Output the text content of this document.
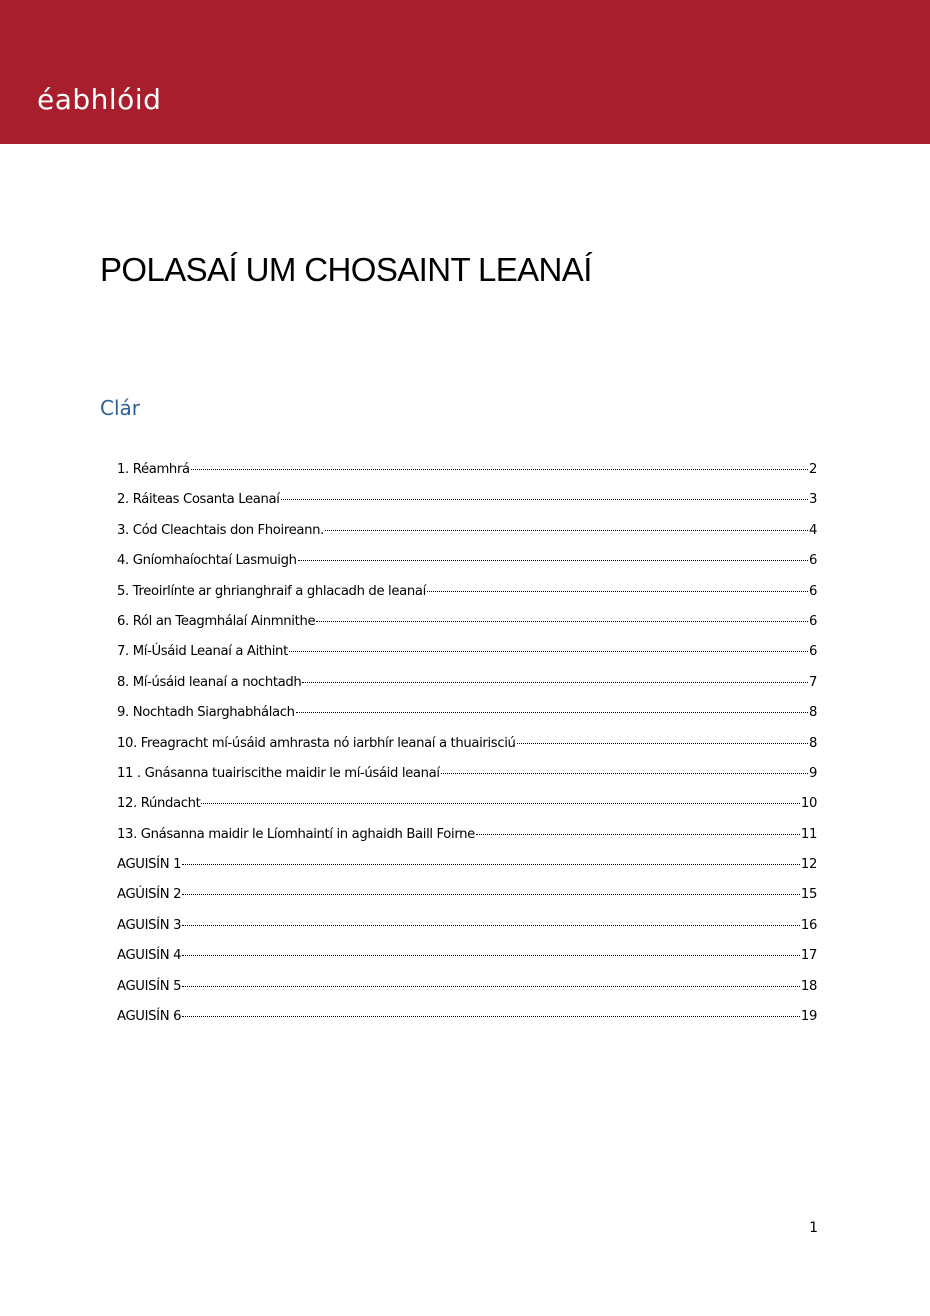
éabhlóid
POLASAÍ UM CHOSAINT LEANAÍ
Clár
1. Réamhrá	2
2. Ráiteas Cosanta Leanaí	3
3. Cód Cleachtais don Fhoireann.	4
4. Gníomhaíochtaí Lasmuigh	6
5. Treoirlínte ar ghrianghraif a ghlacadh de leanaí	6
6. Ról an Teagmhálaí Ainmnithe	6
7. Mí-Úsáid Leanaí a Aithint	6
8. Mí-úsáid leanaí a nochtadh	7
9. Nochtadh Siarghabhálach	8
10. Freagracht mí-úsáid amhrasta nó iarbhír leanaí a thuairisciú	8
11 . Gnásanna tuairiscithe maidir le mí-úsáid leanaí	9
12. Rúndacht	10
13. Gnásanna maidir le Líomhaintí in aghaidh Baill Foirne	11
AGUISÍN 1	12
AGÚISÍN 2	15
AGUISÍN 3	16
AGUISÍN 4	17
AGUISÍN 5	18
AGUISÍN 6	19
1
